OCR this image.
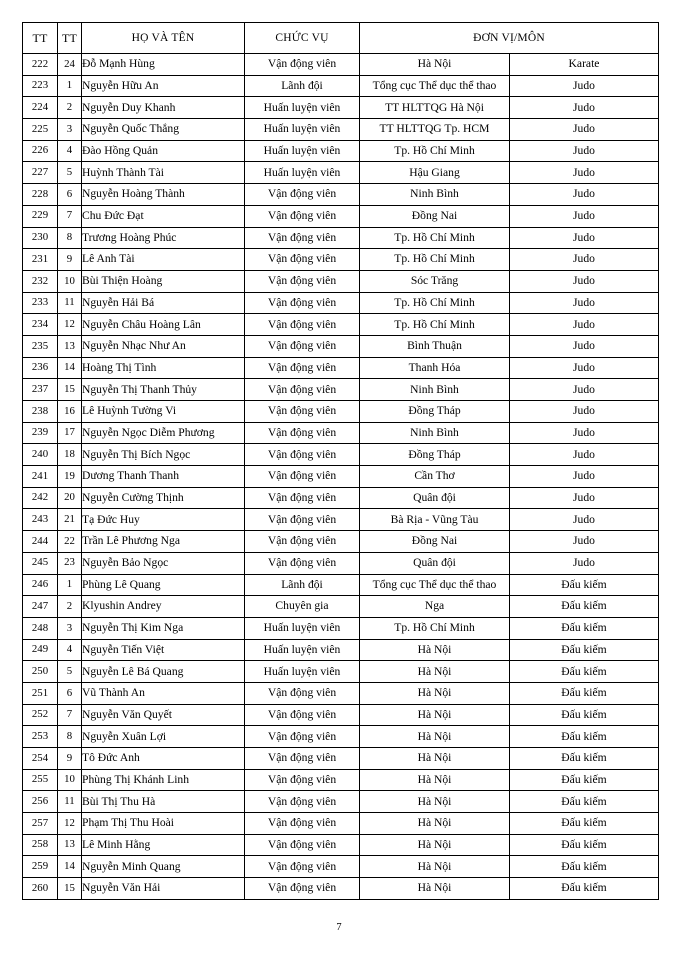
TT	TT	HỌ VÀ TÊN	CHỨC VỤ	ĐƠN VỊ/MÔN	
222	24	Đỗ Mạnh Hùng	Vận động viên	Hà Nội	Karate
223	1	Nguyễn Hữu An	Lãnh đội	Tổng cục Thể dục thể thao	Judo
224	2	Nguyễn Duy Khanh	Huấn luyện viên	TT HLTTQG Hà Nội	Judo
225	3	Nguyễn Quốc Thắng	Huấn luyện viên	TT HLTTQG Tp. HCM	Judo
226	4	Đào Hồng Quản	Huấn luyện viên	Tp. Hồ Chí Minh	Judo
227	5	Huỳnh Thành Tài	Huấn luyện viên	Hậu Giang	Judo
228	6	Nguyễn Hoàng Thành	Vận động viên	Ninh Bình	Judo
229	7	Chu Đức Đạt	Vận động viên	Đồng Nai	Judo
230	8	Trương Hoàng Phúc	Vận động viên	Tp. Hồ Chí Minh	Judo
231	9	Lê Anh Tài	Vận động viên	Tp. Hồ Chí Minh	Judo
232	10	Bùi Thiện Hoàng	Vận động viên	Sóc Trăng	Judo
233	11	Nguyễn Hải Bá	Vận động viên	Tp. Hồ Chí Minh	Judo
234	12	Nguyễn Châu Hoàng Lân	Vận động viên	Tp. Hồ Chí Minh	Judo
235	13	Nguyễn Nhạc Như An	Vận động viên	Bình Thuận	Judo
236	14	Hoàng Thị Tình	Vận động viên	Thanh Hóa	Judo
237	15	Nguyễn Thị Thanh Thủy	Vận động viên	Ninh Bình	Judo
238	16	Lê Huỳnh Tường Vi	Vận động viên	Đồng Tháp	Judo
239	17	Nguyễn Ngọc Diễm Phương	Vận động viên	Ninh Bình	Judo
240	18	Nguyễn Thị Bích Ngọc	Vận động viên	Đồng Tháp	Judo
241	19	Dương Thanh Thanh	Vận động viên	Cần Thơ	Judo
242	20	Nguyễn Cường Thịnh	Vận động viên	Quân đội	Judo
243	21	Tạ Đức Huy	Vận động viên	Bà Rịa - Vũng Tàu	Judo
244	22	Trần Lê Phương Nga	Vận động viên	Đồng Nai	Judo
245	23	Nguyễn Bảo Ngọc	Vận động viên	Quân đội	Judo
246	1	Phùng Lê Quang	Lãnh đội	Tổng cục Thể dục thể thao	Đấu kiếm
247	2	Klyushin Andrey	Chuyên gia	Nga	Đấu kiếm
248	3	Nguyễn Thị Kim Nga	Huấn luyện viên	Tp. Hồ Chí Minh	Đấu kiếm
249	4	Nguyễn Tiến Việt	Huấn luyện viên	Hà Nội	Đấu kiếm
250	5	Nguyễn Lê Bá Quang	Huấn luyện viên	Hà Nội	Đấu kiếm
251	6	Vũ Thành An	Vận động viên	Hà Nội	Đấu kiếm
252	7	Nguyễn Văn Quyết	Vận động viên	Hà Nội	Đấu kiếm
253	8	Nguyễn Xuân Lợi	Vận động viên	Hà Nội	Đấu kiếm
254	9	Tô Đức Anh	Vận động viên	Hà Nội	Đấu kiếm
255	10	Phùng Thị Khánh Linh	Vận động viên	Hà Nội	Đấu kiếm
256	11	Bùi Thị Thu Hà	Vận động viên	Hà Nội	Đấu kiếm
257	12	Phạm Thị Thu Hoài	Vận động viên	Hà Nội	Đấu kiếm
258	13	Lê Minh Hằng	Vận động viên	Hà Nội	Đấu kiếm
259	14	Nguyễn Minh Quang	Vận động viên	Hà Nội	Đấu kiếm
260	15	Nguyễn Văn Hải	Vận động viên	Hà Nội	Đấu kiếm
7
